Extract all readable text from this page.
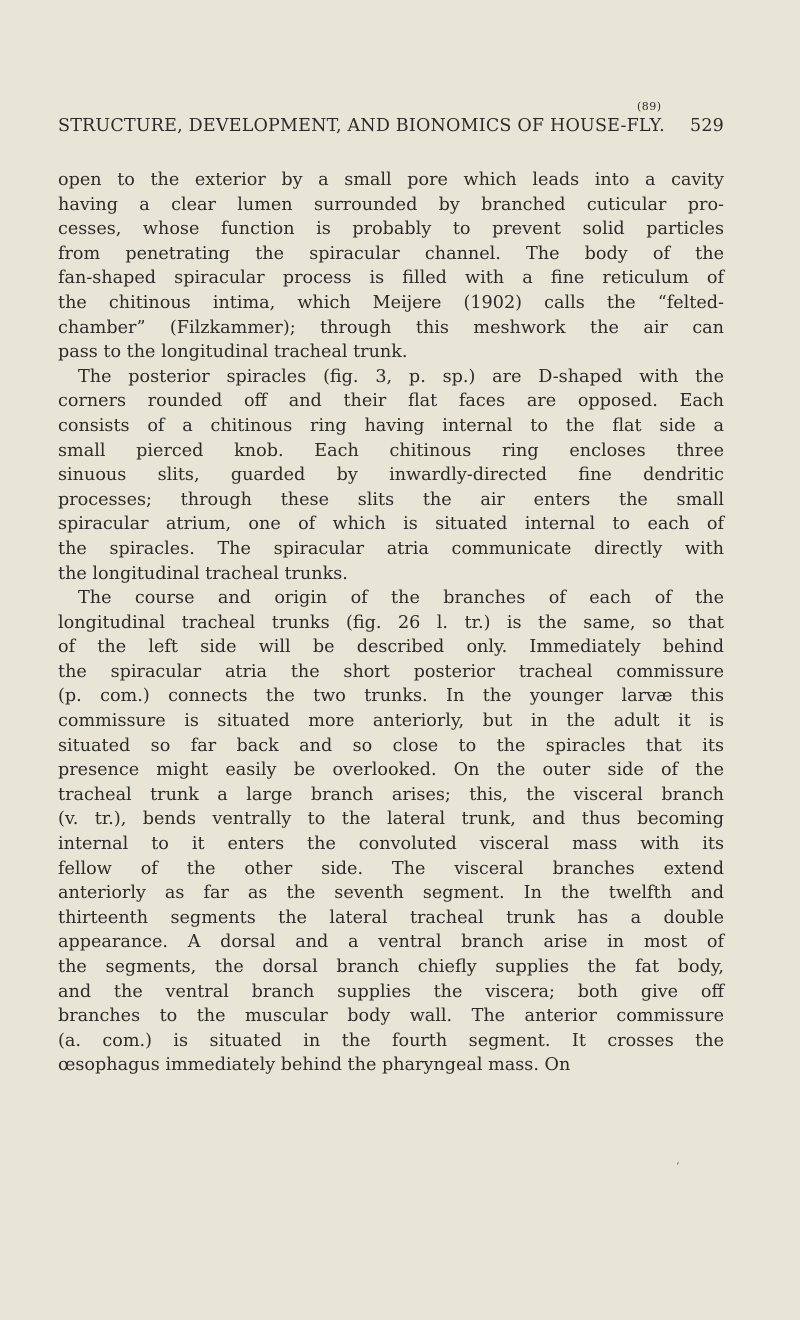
(89)
STRUCTURE, DEVELOPMENT, AND BIONOMICS OF HOUSE-FLY. 529
open to the exterior by a small pore which leads into a cavity
having a clear lumen surrounded by branched cuticular pro-
cesses, whose function is probably to prevent solid particles
from penetrating the spiracular channel. The body of the
fan-shaped spiracular process is filled with a fine reticulum of
the chitinous intima, which Meijere (1902) calls the “felted-
chamber” (Filzkammer); through this meshwork the air can
pass to the longitudinal tracheal trunk.
The posterior spiracles (fig. 3, p. sp.) are D-shaped with the
corners rounded off and their flat faces are opposed. Each
consists of a chitinous ring having internal to the flat side a
small pierced knob. Each chitinous ring encloses three
sinuous slits, guarded by inwardly-directed fine dendritic
processes; through these slits the air enters the small
spiracular atrium, one of which is situated internal to each of
the spiracles. The spiracular atria communicate directly with
the longitudinal tracheal trunks.
The course and origin of the branches of each of the
longitudinal tracheal trunks (fig. 26 l. tr.) is the same, so that
of the left side will be described only. Immediately behind
the spiracular atria the short posterior tracheal commissure
(p. com.) connects the two trunks. In the younger larvæ this
commissure is situated more anteriorly, but in the adult it is
situated so far back and so close to the spiracles that its
presence might easily be overlooked. On the outer side of the
tracheal trunk a large branch arises; this, the visceral branch
(v. tr.), bends ventrally to the lateral trunk, and thus becoming
internal to it enters the convoluted visceral mass with its
fellow of the other side. The visceral branches extend
anteriorly as far as the seventh segment. In the twelfth and
thirteenth segments the lateral tracheal trunk has a double
appearance. A dorsal and a ventral branch arise in most of
the segments, the dorsal branch chiefly supplies the fat body,
and the ventral branch supplies the viscera; both give off
branches to the muscular body wall. The anterior commissure
(a. com.) is situated in the fourth segment. It crosses the
œsophagus immediately behind the pharyngeal mass. On
‘
